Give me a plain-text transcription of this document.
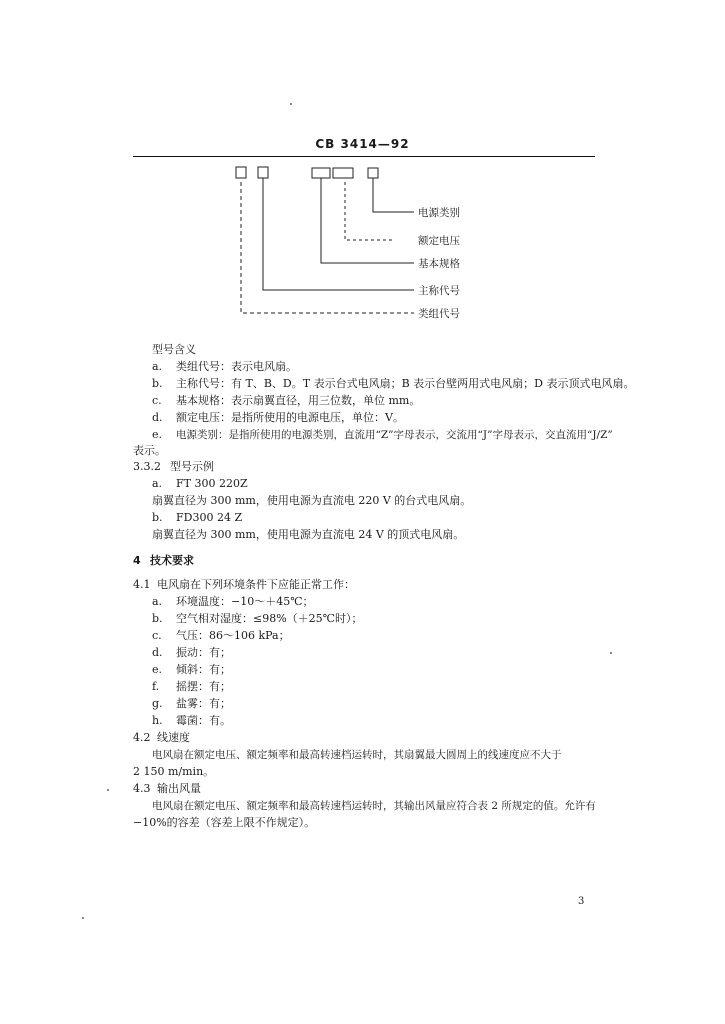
CB 3414—92
电源类别
额定电压
基本规格
主称代号
类组代号
型号含义
a. 类组代号：表示电风扇。
b. 主称代号：有 T、B、D。T 表示台式电风扇；B 表示台壁两用式电风扇；D 表示顶式电风扇。
c. 基本规格：表示扇翼直径，用三位数，单位 mm。
d. 额定电压：是指所使用的电源电压，单位：V。
e. 电源类别：是指所使用的电源类别，直流用“Z”字母表示，交流用“J”字母表示，交直流用“J/Z”
表示。
3.3.2 型号示例
a. FT 300 220Z
扇翼直径为 300 mm，使用电源为直流电 220 V 的台式电风扇。
b. FD300 24 Z
扇翼直径为 300 mm，使用电源为直流电 24 V 的顶式电风扇。
4 技术要求
4.1 电风扇在下列环境条件下应能正常工作：
a. 环境温度：−10～＋45℃；
b. 空气相对湿度：≤98%（＋25℃时）；
c. 气压：86～106 kPa；
d. 振动：有；
e. 倾斜：有；
f. 摇摆：有；
g. 盐雾：有；
h. 霉菌：有。
4.2 线速度
电风扇在额定电压、额定频率和最高转速档运转时，其扇翼最大圆周上的线速度应不大于
2 150 m/min。
4.3 输出风量
电风扇在额定电压、额定频率和最高转速档运转时，其输出风量应符合表 2 所规定的值。允许有
−10%的容差（容差上限不作规定）。
3
